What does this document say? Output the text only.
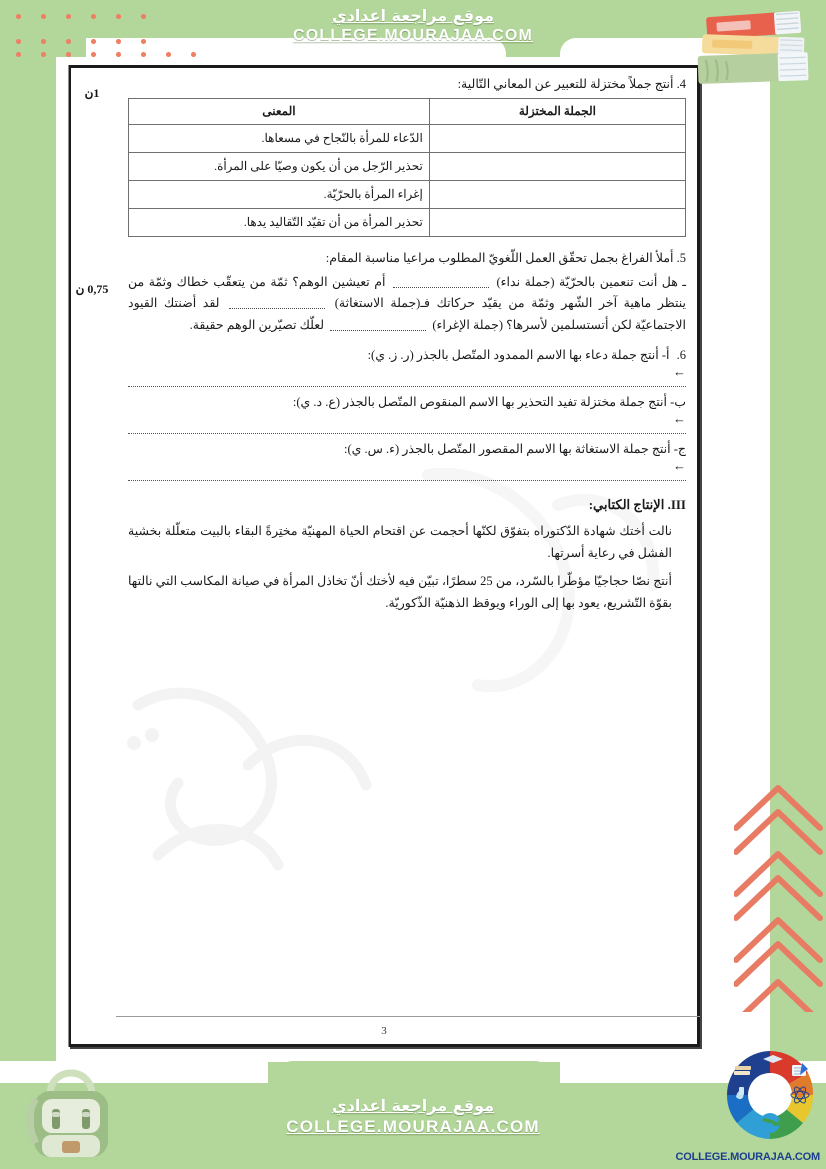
موقع مراجعة اعدادي
COLLEGE.MOURAJAA.COM
1ن
0,75 ن

4. أنتج جملاً مختزلة للتعبير عن المعاني التّالية:

الجملة المختزلة	المعنى
	الدّعاء للمرأة بالنّجاح في مسعاها.
	تحذير الرّجل من أن يكون وصيّا على المرأة.
	إغراء المرأة بالحرّيّة.
	تحذير المرأة من أن تقيّد التّقاليد يدها.

5. أملأ الفراغ بجمل تحقّق العمل اللّغويّ المطلوب مراعيا مناسبة المقام:

ـ هل أنت تنعمين بالحرّيّة (جملة نداء)  أم تعيشين الوهم؟ ثمّة من يتعقّب خطاك وثمّة من ينتظر ماهية آخر الشّهر وثمّة من يقيّد حركاتك فـ(جملة الاستغاثة)  لقد أضنتك القيود الاجتماعيّة لكن أتستسلمين لأسرها؟ (جملة الإغراء)  لعلّك تصيّرين الوهم حقيقة.

6. أ- أنتج جملة دعاء بها الاسم الممدود المتّصل بالجذر (ر. ز. ي):

←

ب- أنتج جملة مختزلة تفيد التحذير بها الاسم المنقوص المتّصل بالجذر (ع. د. ي):

←

ج- أنتج جملة الاستغاثة بها الاسم المقصور المتّصل بالجذر (ء. س. ي):

←

III. الإنتاج الكتابي:

نالت أختك شهادة الدّكتوراه بتفوّق لكنّها أحجمت عن اقتحام الحياة المهنيّة مختِرةً البقاء بالبيت متعلّلة بخشية الفشل في رعاية أسرتها.

أنتج نصّا حجاجيّا مؤطّرا بالسّرد، من 25 سطرًا، تبيّن فيه لأختك أنّ تخاذل المرأة في صيانة المكاسب التي نالتها بقوّة التّشريع، يعود بها إلى الوراء ويوقظ الذهنيّة الذّكوريّة.

3
موقع مراجعة اعدادي
COLLEGE.MOURAJAA.COM
COLLEGE.MOURAJAA.COM
